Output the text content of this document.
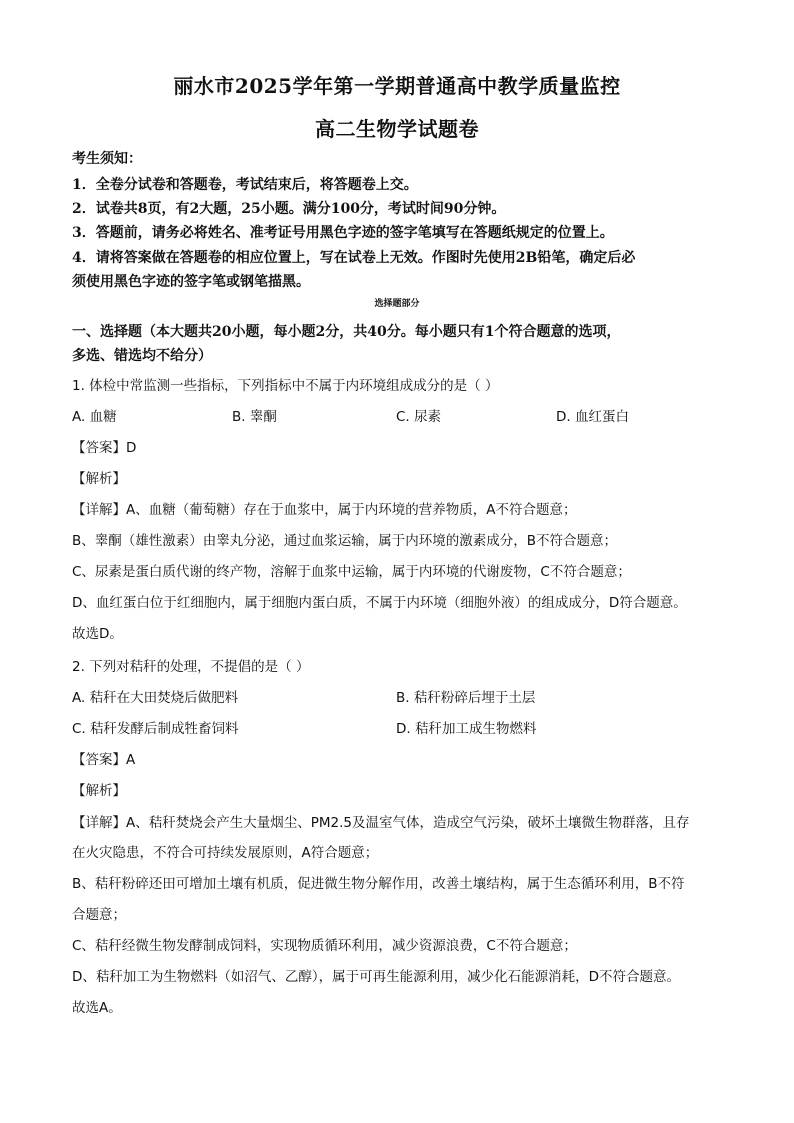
丽水市2025学年第一学期普通高中教学质量监控
高二生物学试题卷
考生须知：
1．全卷分试卷和答题卷，考试结束后，将答题卷上交。
2．试卷共8页，有2大题，25小题。满分100分，考试时间90分钟。
3．答题前，请务必将姓名、准考证号用黑色字迹的签字笔填写在答题纸规定的位置上。
4．请将答案做在答题卷的相应位置上，写在试卷上无效。作图时先使用2B铅笔，确定后必
须使用黑色字迹的签字笔或钢笔描黑。
选择题部分
一、选择题（本大题共20小题，每小题2分，共40分。每小题只有1个符合题意的选项，
多选、错选均不给分）
1. 体检中常监测一些指标，下列指标中不属于内环境组成成分的是（ ）
A. 血糖	B. 睾酮	C. 尿素	D. 血红蛋白
【答案】D
【解析】
【详解】A、血糖（葡萄糖）存在于血浆中，属于内环境的营养物质，A不符合题意；
B、睾酮（雄性激素）由睾丸分泌，通过血浆运输，属于内环境的激素成分，B不符合题意；
C、尿素是蛋白质代谢的终产物，溶解于血浆中运输，属于内环境的代谢废物，C不符合题意；
D、血红蛋白位于红细胞内，属于细胞内蛋白质，不属于内环境（细胞外液）的组成成分，D符合题意。
故选D。
2. 下列对秸秆的处理，不提倡的是（ ）
A. 秸秆在大田焚烧后做肥料	B. 秸秆粉碎后埋于土层
C. 秸秆发酵后制成牲畜饲料	D. 秸秆加工成生物燃料
【答案】A
【解析】
【详解】A、秸秆焚烧会产生大量烟尘、PM2.5及温室气体，造成空气污染，破坏土壤微生物群落，且存
在火灾隐患，不符合可持续发展原则，A符合题意；
B、秸秆粉碎还田可增加土壤有机质，促进微生物分解作用，改善土壤结构，属于生态循环利用，B不符
合题意；
C、秸秆经微生物发酵制成饲料，实现物质循环利用，减少资源浪费，C不符合题意；
D、秸秆加工为生物燃料（如沼气、乙醇），属于可再生能源利用，减少化石能源消耗，D不符合题意。
故选A。
